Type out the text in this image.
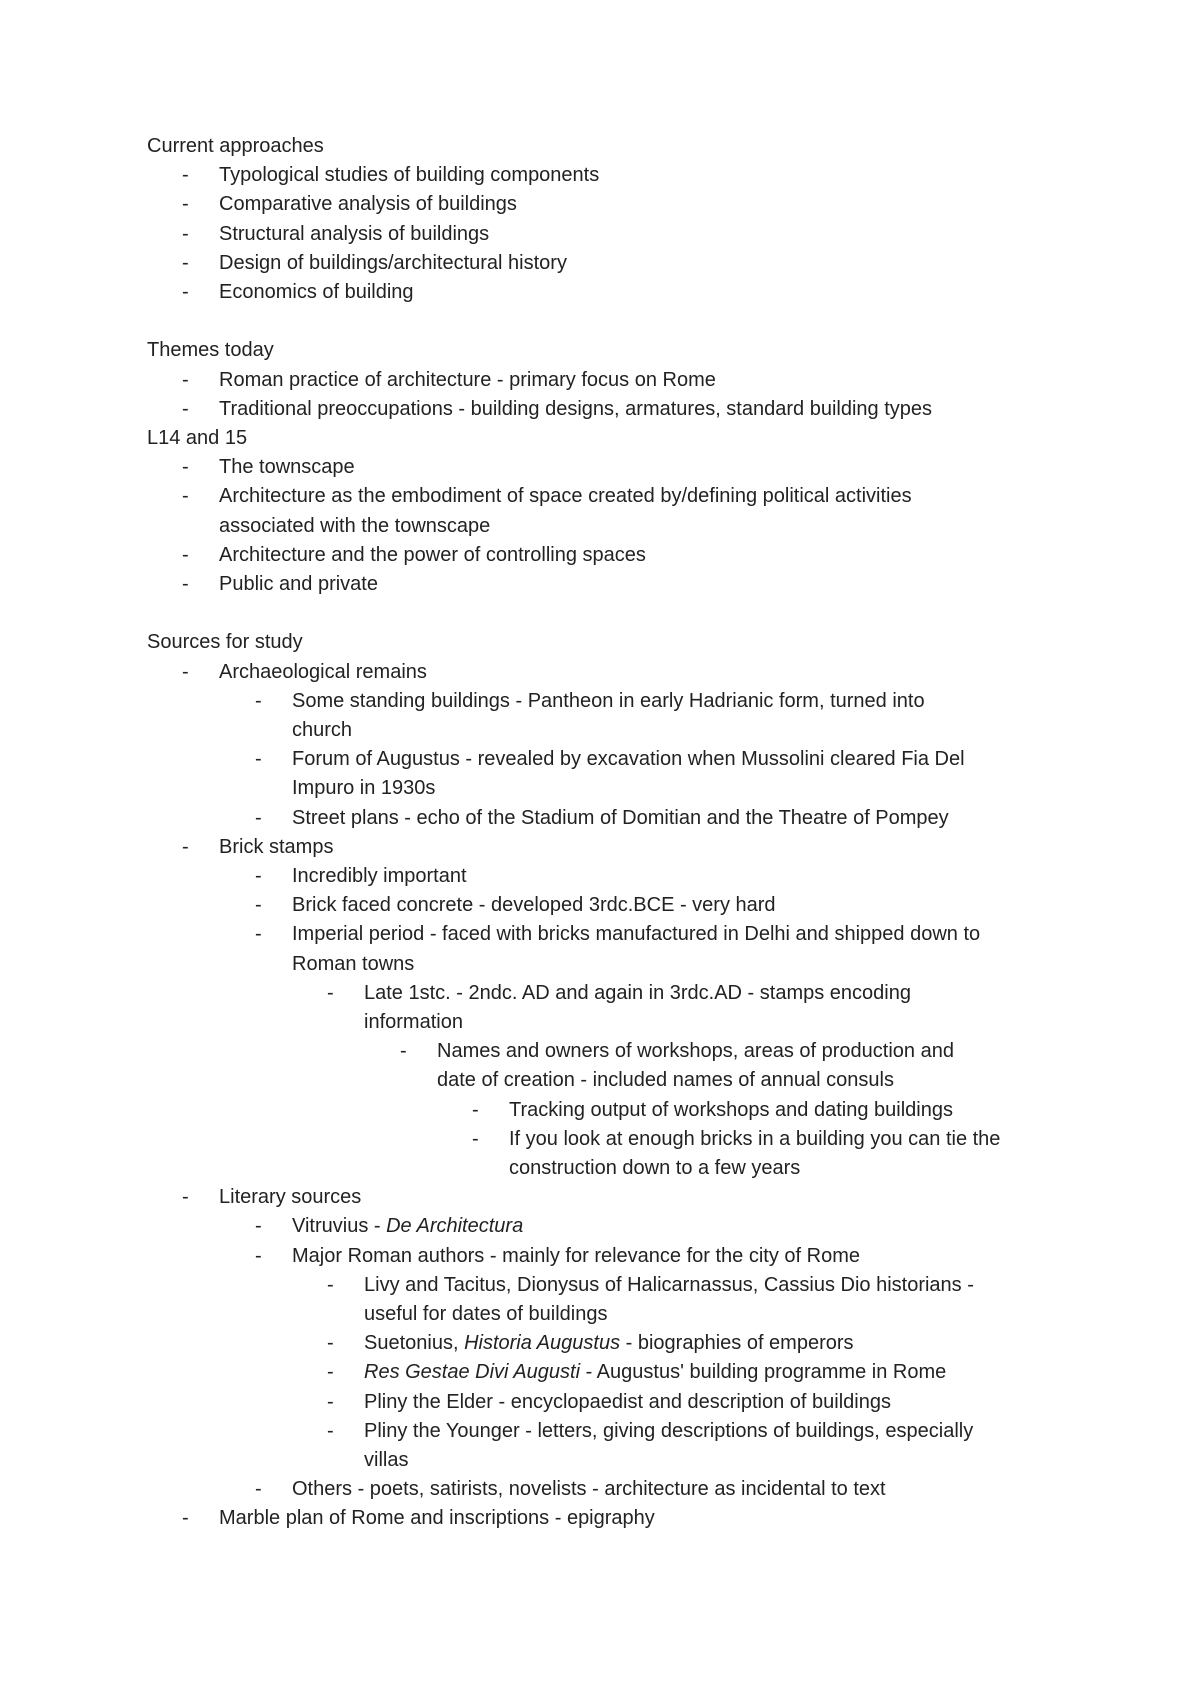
Current approaches
- Typological studies of building components
- Comparative analysis of buildings
- Structural analysis of buildings
- Design of buildings/architectural history
- Economics of building
Themes today
- Roman practice of architecture - primary focus on Rome
- Traditional preoccupations - building designs, armatures, standard building types
L14 and 15
- The townscape
- Architecture as the embodiment of space created by/defining political activities
associated with the townscape
- Architecture and the power of controlling spaces
- Public and private
Sources for study
- Archaeological remains
- Some standing buildings - Pantheon in early Hadrianic form, turned into
church
- Forum of Augustus - revealed by excavation when Mussolini cleared Fia Del
Impuro in 1930s
- Street plans - echo of the Stadium of Domitian and the Theatre of Pompey
- Brick stamps
- Incredibly important
- Brick faced concrete - developed 3rdc.BCE - very hard
- Imperial period - faced with bricks manufactured in Delhi and shipped down to
Roman towns
- Late 1stc. - 2ndc. AD and again in 3rdc.AD - stamps encoding
information
- Names and owners of workshops, areas of production and
date of creation - included names of annual consuls
- Tracking output of workshops and dating buildings
- If you look at enough bricks in a building you can tie the
construction down to a few years
- Literary sources
- Vitruvius - De Architectura
- Major Roman authors - mainly for relevance for the city of Rome
- Livy and Tacitus, Dionysus of Halicarnassus, Cassius Dio historians -
useful for dates of buildings
- Suetonius, Historia Augustus - biographies of emperors
- Res Gestae Divi Augusti - Augustus' building programme in Rome
- Pliny the Elder - encyclopaedist and description of buildings
- Pliny the Younger - letters, giving descriptions of buildings, especially
villas
- Others - poets, satirists, novelists - architecture as incidental to text
- Marble plan of Rome and inscriptions - epigraphy
